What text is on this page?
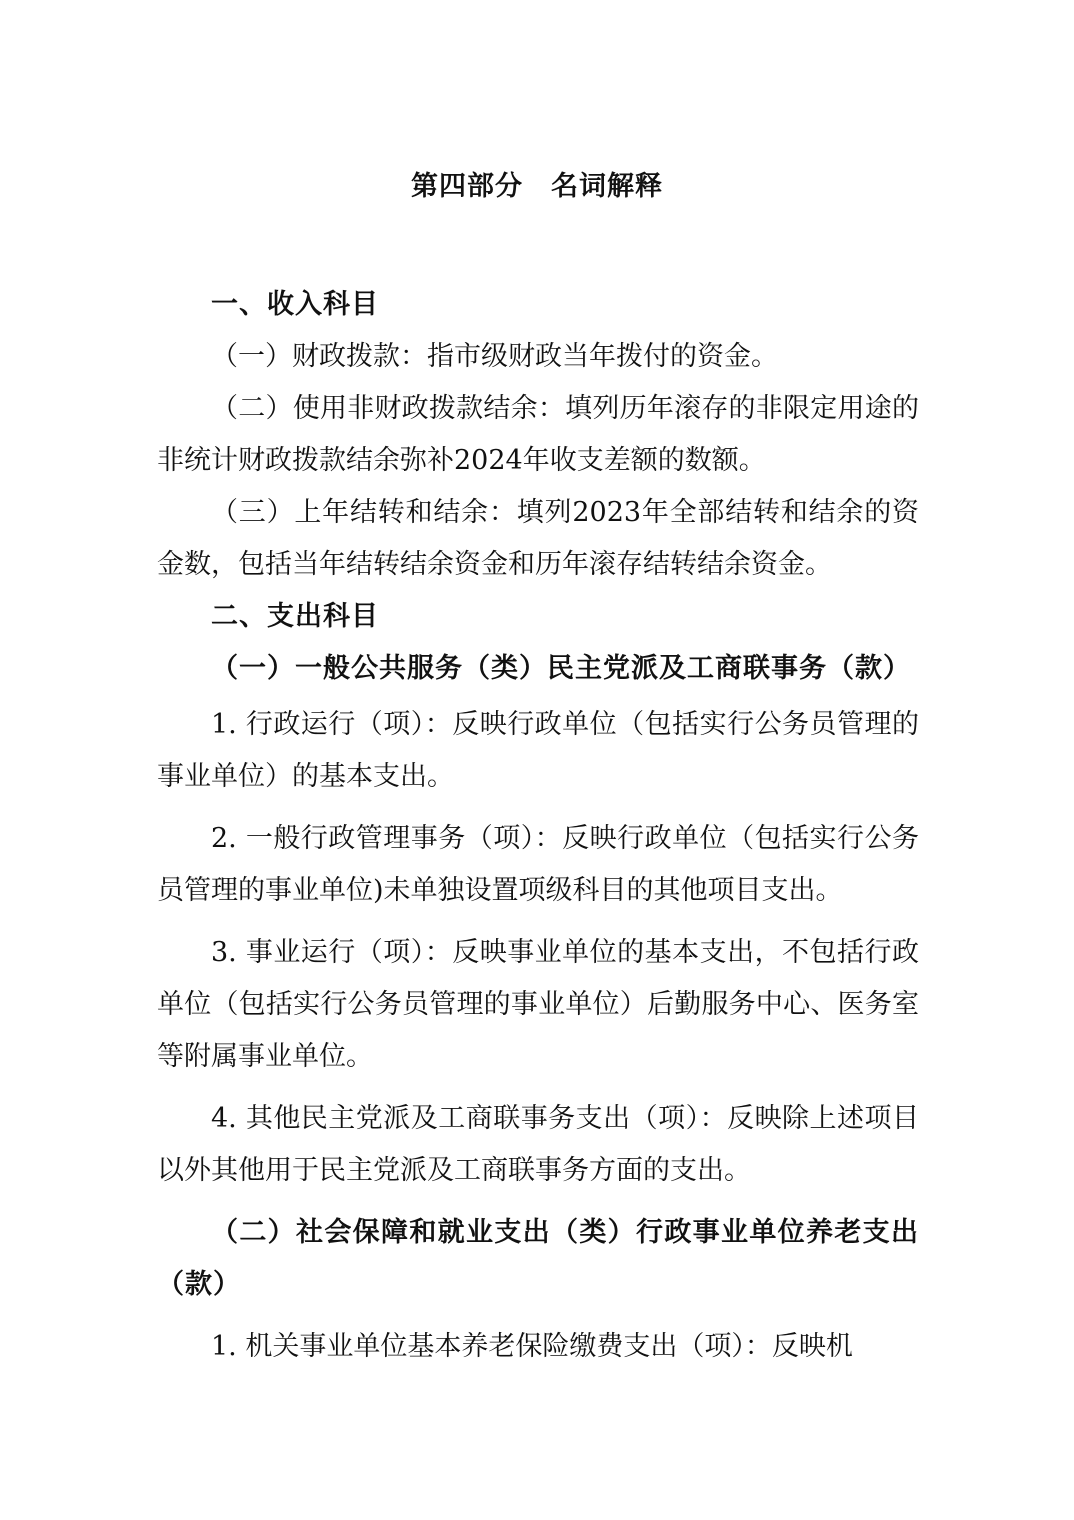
第四部分　名词解释

一、收入科目

（一）财政拨款：指市级财政当年拨付的资金。

（二）使用非财政拨款结余：填列历年滚存的非限定用途的非统计财政拨款结余弥补2024年收支差额的数额。

（三）上年结转和结余：填列2023年全部结转和结余的资金数，包括当年结转结余资金和历年滚存结转结余资金。

二、支出科目

（一）一般公共服务（类）民主党派及工商联事务（款）

1. 行政运行（项）：反映行政单位（包括实行公务员管理的事业单位）的基本支出。

2. 一般行政管理事务（项）：反映行政单位（包括实行公务员管理的事业单位)未单独设置项级科目的其他项目支出。

3. 事业运行（项）：反映事业单位的基本支出，不包括行政单位（包括实行公务员管理的事业单位）后勤服务中心、医务室等附属事业单位。

4. 其他民主党派及工商联事务支出（项）：反映除上述项目以外其他用于民主党派及工商联事务方面的支出。

（二）社会保障和就业支出（类）行政事业单位养老支出（款）

1. 机关事业单位基本养老保险缴费支出（项）：反映机
